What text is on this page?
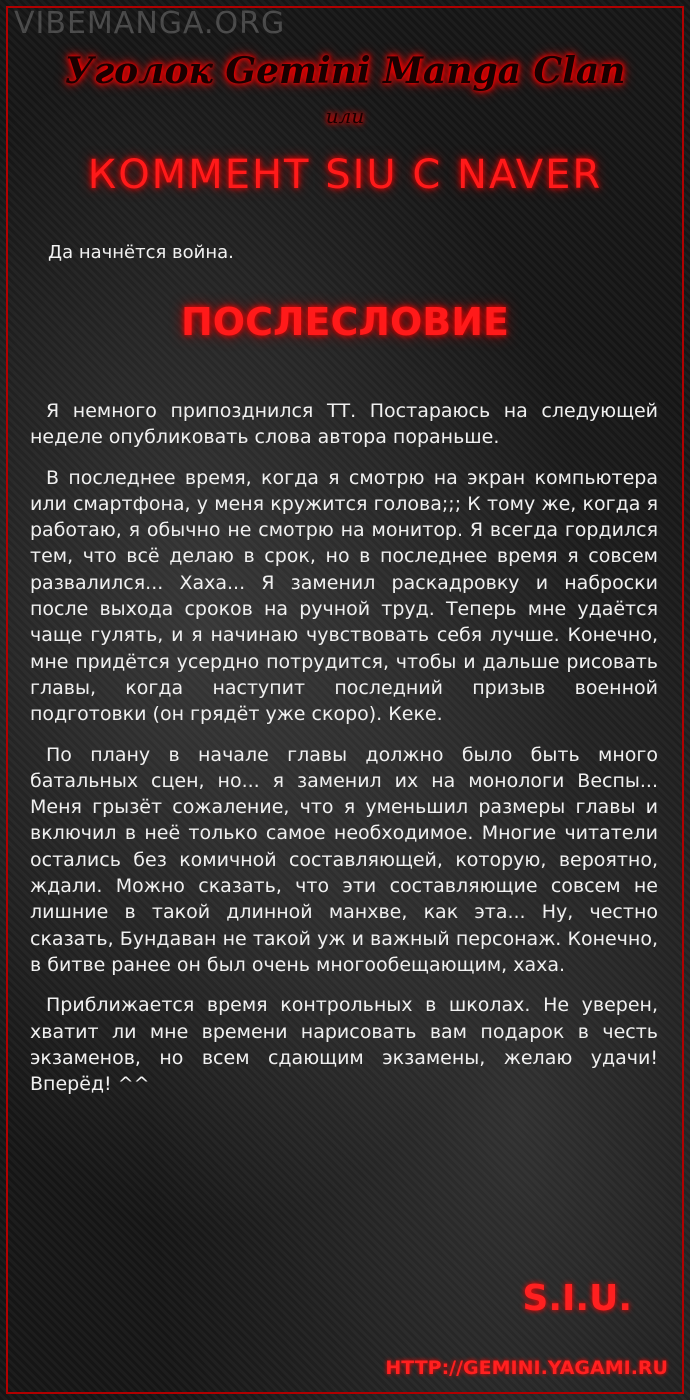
VIBEMANGA.ORG
Уголок Gemini Manga Clan
или
КОММЕНТ SIU С NAVER
Да начнётся война.
ПОСЛЕСЛОВИЕ

Я немного припозднился ТТ. Постараюсь на следующей неделе опубликовать слова автора пораньше.

В последнее время, когда я смотрю на экран компьютера или смартфона, у меня кружится голова;;; К тому же, когда я работаю, я обычно не смотрю на монитор. Я всегда гордился тем, что всё делаю в срок, но в последнее время я совсем развалился... Хаха... Я заменил раскадровку и наброски после выхода сроков на ручной труд. Теперь мне удаётся чаще гулять, и я начинаю чувствовать себя лучше. Конечно, мне придётся усердно потрудится, чтобы и дальше рисовать главы, когда наступит последний призыв военной подготовки (он грядёт уже скоро). Кеке.

По плану в начале главы должно было быть много батальных сцен, но... я заменил их на монологи Веспы... Меня грызёт сожаление, что я уменьшил размеры главы и включил в неё только самое необходимое. Многие читатели остались без комичной составляющей, которую, вероятно, ждали. Можно сказать, что эти составляющие совсем не лишние в такой длинной манхве, как эта... Ну, честно сказать, Бундаван не такой уж и важный персонаж. Конечно, в битве ранее он был очень многообещающим, хаха.

Приближается время контрольных в школах. Не уверен, хватит ли мне времени нарисовать вам подарок в честь экзаменов, но всем сдающим экзамены, желаю удачи! Вперёд! ^^

S.I.U.
HTTP://GEMINI.YAGAMI.RU
